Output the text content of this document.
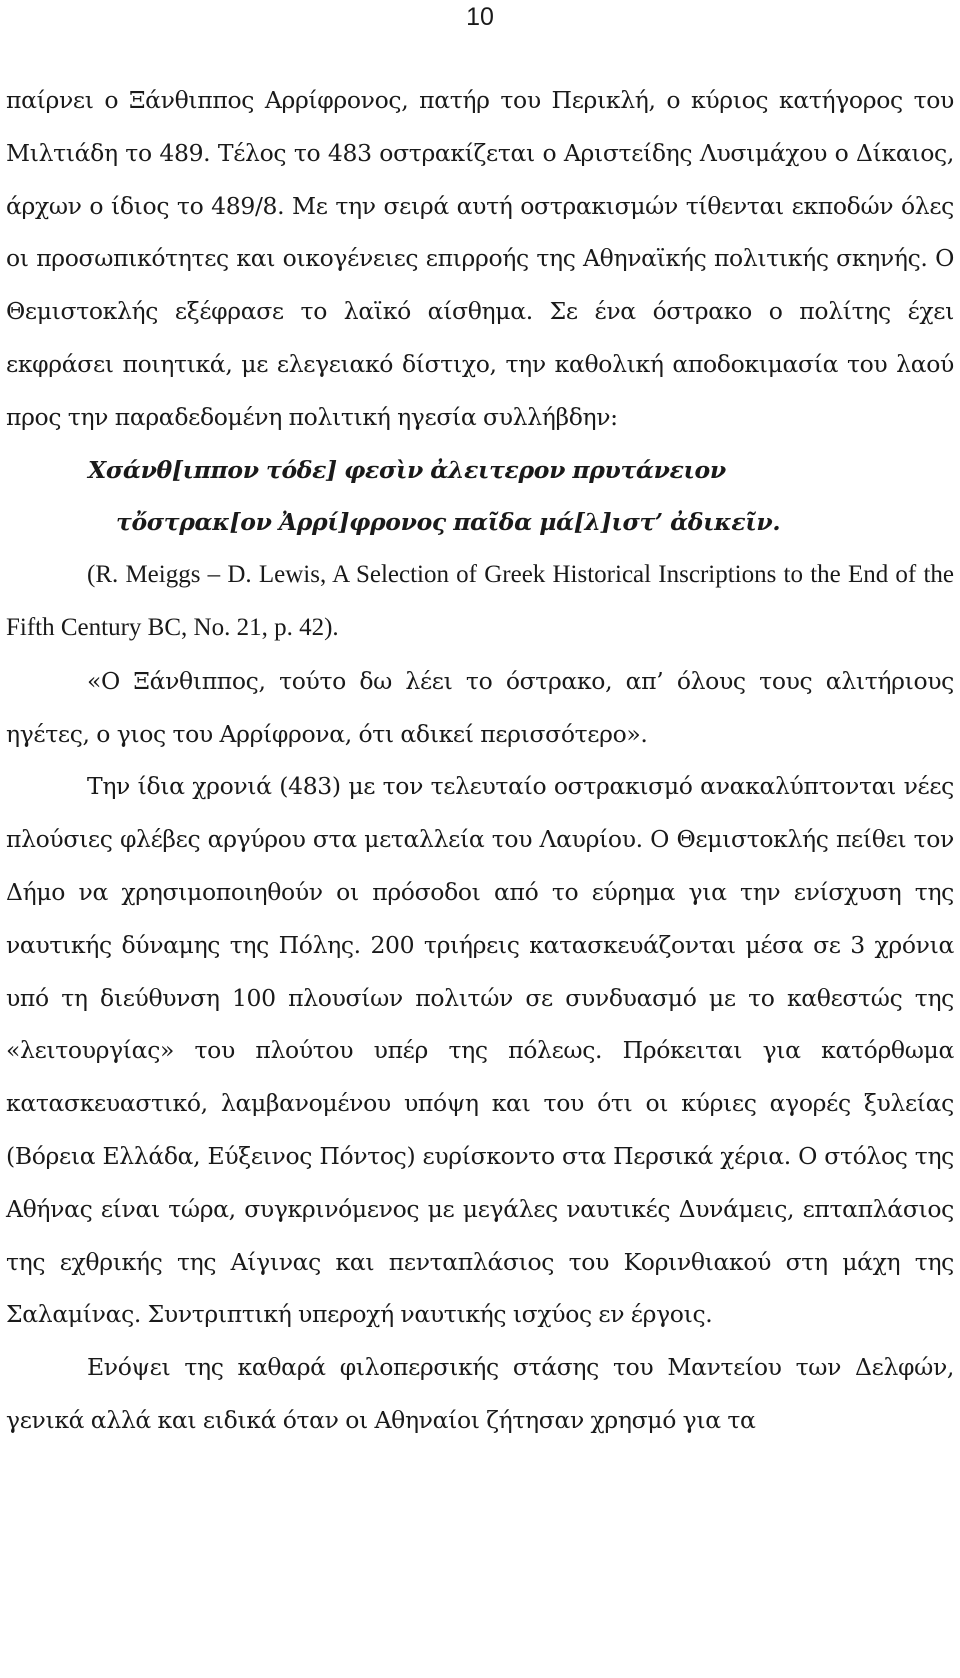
10

παίρνει ο Ξάνθιππος Αρρίφρονος, πατήρ του Περικλή, ο κύριος κατήγορος του Μιλτιάδη το 489. Τέλος το 483 οστρακίζεται ο Αριστείδης Λυσιμάχου ο Δίκαιος, άρχων ο ίδιος το 489/8. Με την σειρά αυτή οστρακισμών τίθενται εκποδών όλες οι προσωπικότητες και οικογένειες επιρροής της Αθηναϊκής πολιτικής σκηνής. Ο Θεμιστοκλής εξέφρασε το λαϊκό αίσθημα. Σε ένα όστρακο ο πολίτης έχει εκφράσει ποιητικά, με ελεγειακό δίστιχο, την καθολική αποδοκιμασία του λαού προς την παραδεδομένη πολιτική ηγεσία συλλήβδην:

Χσάνθ[ιππον τόδε] φεσὶν ἀλειτερον πρυτάνειον

τὄστρακ[ον Ἀρρί]φρονος παῖδα μά[λ]ιστ’ ἀδικεῖν.

(R. Meiggs – D. Lewis, A Selection of Greek Historical Inscriptions to the End of the Fifth Century BC, No. 21, p. 42).

«Ο Ξάνθιππος, τούτο δω λέει το όστρακο, απ’ όλους τους αλιτήριους ηγέτες, ο γιος του Αρρίφρονα, ότι αδικεί περισσότερο».

Την ίδια χρονιά (483) με τον τελευταίο οστρακισμό ανακαλύπτονται νέες πλούσιες φλέβες αργύρου στα μεταλλεία του Λαυρίου. Ο Θεμιστοκλής πείθει τον Δήμο να χρησιμοποιηθούν οι πρόσοδοι από το εύρημα για την ενίσχυση της ναυτικής δύναμης της Πόλης. 200 τριήρεις κατασκευάζονται μέσα σε 3 χρόνια υπό τη διεύθυνση 100 πλουσίων πολιτών σε συνδυασμό με το καθεστώς της «λειτουργίας» του πλούτου υπέρ της πόλεως. Πρόκειται για κατόρθωμα κατασκευαστικό, λαμβανομένου υπόψη και του ότι οι κύριες αγορές ξυλείας (Βόρεια Ελλάδα, Εύξεινος Πόντος) ευρίσκοντο στα Περσικά χέρια. Ο στόλος της Αθήνας είναι τώρα, συγκρινόμενος με μεγάλες ναυτικές Δυνάμεις, επταπλάσιος της εχθρικής της Αίγινας και πενταπλάσιος του Κορινθιακού στη μάχη της Σαλαμίνας. Συντριπτική υπεροχή ναυτικής ισχύος εν έργοις.

Ενόψει της καθαρά φιλοπερσικής στάσης του Μαντείου των Δελφών, γενικά αλλά και ειδικά όταν οι Αθηναίοι ζήτησαν χρησμό για τα
